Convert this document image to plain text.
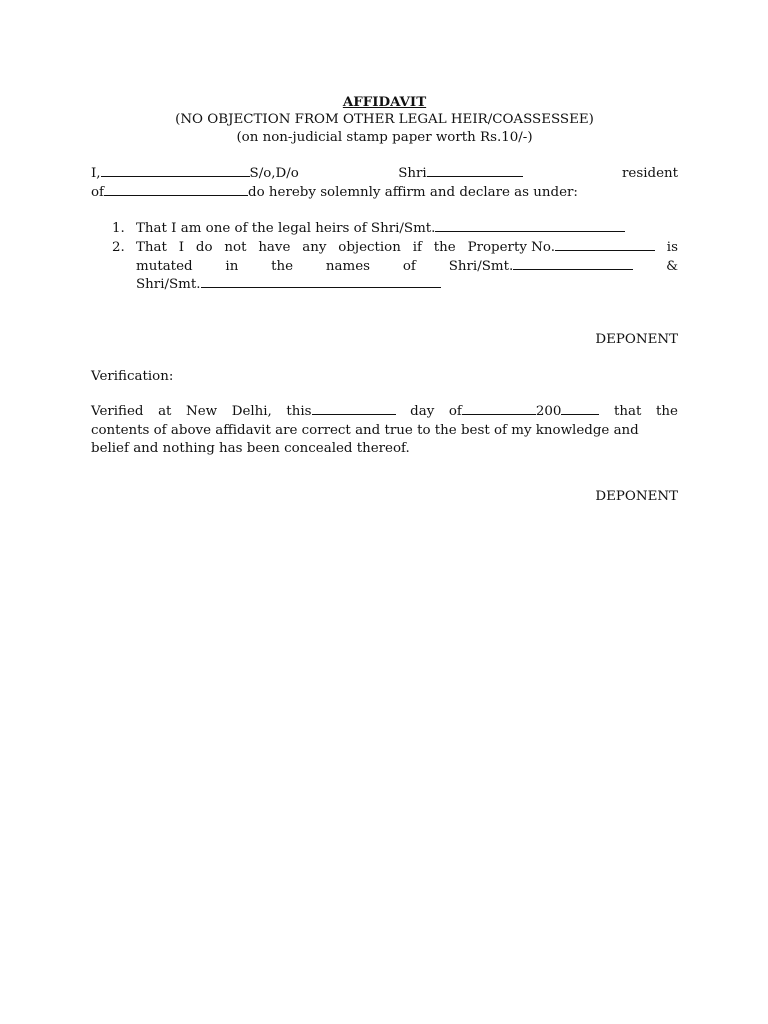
AFFIDAVIT
(NO OBJECTION FROM OTHER LEGAL HEIR/COASSESSEE)
(on non-judicial stamp paper worth Rs.10/-)
I,	S/o,D/o	Shri	resident
of	do hereby solemnly affirm and declare as under:
1. That I am one of the legal heirs of Shri/Smt.
2. That I do not have any objection if the Property No.	is
mutated in the names of Shri/Smt.	&
Shri/Smt.
DEPONENT
Verification:
Verified at New Delhi, this	day of	200	that the
contents of above affidavit are correct and true to the best of my knowledge and
belief and nothing has been concealed thereof.
DEPONENT
